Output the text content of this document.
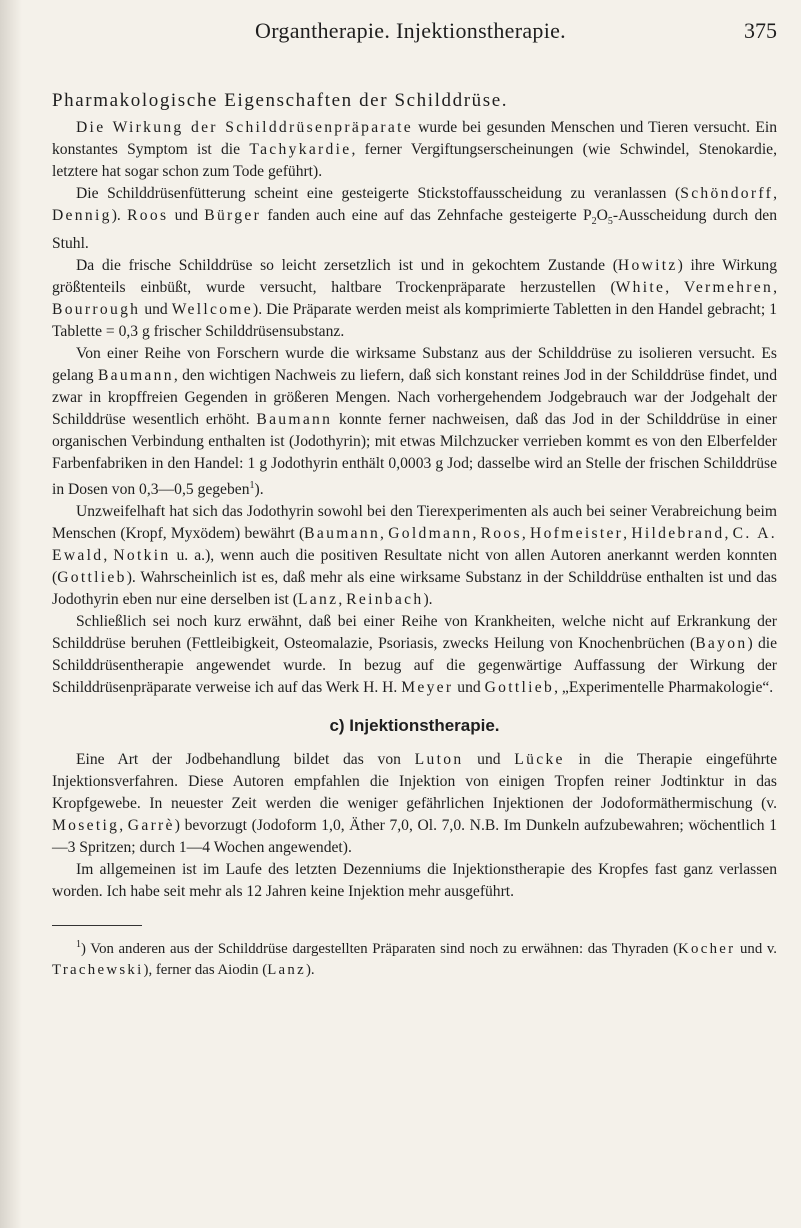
Organtherapie. Injektionstherapie.	375
Pharmakologische Eigenschaften der Schilddrüse.

Die Wirkung der Schilddrüsenpräparate wurde bei gesunden Menschen und Tieren versucht. Ein konstantes Symptom ist die Tachykardie, ferner Vergiftungserscheinungen (wie Schwindel, Stenokardie, letztere hat sogar schon zum Tode geführt).

Die Schilddrüsenfütterung scheint eine gesteigerte Stickstoffausscheidung zu veranlassen (Schöndorff, Dennig). Roos und Bürger fanden auch eine auf das Zehnfache gesteigerte $P_2O_5$-Ausscheidung durch den Stuhl.

Da die frische Schilddrüse so leicht zersetzlich ist und in gekochtem Zustande (Howitz) ihre Wirkung größtenteils einbüßt, wurde versucht, haltbare Trockenpräparate herzustellen (White, Vermehren, Bourrough und Wellcome). Die Präparate werden meist als komprimierte Tabletten in den Handel gebracht; 1 Tablette = 0,3 g frischer Schilddrüsensubstanz.

Von einer Reihe von Forschern wurde die wirksame Substanz aus der Schilddrüse zu isolieren versucht. Es gelang Baumann, den wichtigen Nachweis zu liefern, daß sich konstant reines Jod in der Schilddrüse findet, und zwar in kropffreien Gegenden in größeren Mengen. Nach vorhergehendem Jodgebrauch war der Jodgehalt der Schilddrüse wesentlich erhöht. Baumann konnte ferner nachweisen, daß das Jod in der Schilddrüse in einer organischen Verbindung enthalten ist (Jodothyrin); mit etwas Milchzucker verrieben kommt es von den Elberfelder Farbenfabriken in den Handel: 1 g Jodothyrin enthält 0,0003 g Jod; dasselbe wird an Stelle der frischen Schilddrüse in Dosen von 0,3—0,5 gegeben$^1$).

Unzweifelhaft hat sich das Jodothyrin sowohl bei den Tierexperimenten als auch bei seiner Verabreichung beim Menschen (Kropf, Myxödem) bewährt (Baumann, Goldmann, Roos, Hofmeister, Hildebrand, C. A. Ewald, Notkin u. a.), wenn auch die positiven Resultate nicht von allen Autoren anerkannt werden konnten (Gottlieb). Wahrscheinlich ist es, daß mehr als eine wirksame Substanz in der Schilddrüse enthalten ist und das Jodothyrin eben nur eine derselben ist (Lanz, Reinbach).

Schließlich sei noch kurz erwähnt, daß bei einer Reihe von Krankheiten, welche nicht auf Erkrankung der Schilddrüse beruhen (Fettleibigkeit, Osteomalazie, Psoriasis, zwecks Heilung von Knochenbrüchen (Bayon) die Schilddrüsentherapie angewendet wurde. In bezug auf die gegenwärtige Auffassung der Wirkung der Schilddrüsenpräparate verweise ich auf das Werk H. H. Meyer und Gottlieb, „Experimentelle Pharmakologie“.

c) Injektionstherapie.

Eine Art der Jodbehandlung bildet das von Luton und Lücke in die Therapie eingeführte Injektionsverfahren. Diese Autoren empfahlen die Injektion von einigen Tropfen reiner Jodtinktur in das Kropfgewebe. In neuester Zeit werden die weniger gefährlichen Injektionen der Jodoformäthermischung (v. Mosetig, Garrè) bevorzugt (Jodoform 1,0, Äther 7,0, Ol. 7,0. N.B. Im Dunkeln aufzubewahren; wöchentlich 1—3 Spritzen; durch 1—4 Wochen angewendet).

Im allgemeinen ist im Laufe des letzten Dezenniums die Injektionstherapie des Kropfes fast ganz verlassen worden. Ich habe seit mehr als 12 Jahren keine Injektion mehr ausgeführt.

$^1$) Von anderen aus der Schilddrüse dargestellten Präparaten sind noch zu erwähnen: das Thyraden (Kocher und v. Trachewski), ferner das Aiodin (Lanz).
